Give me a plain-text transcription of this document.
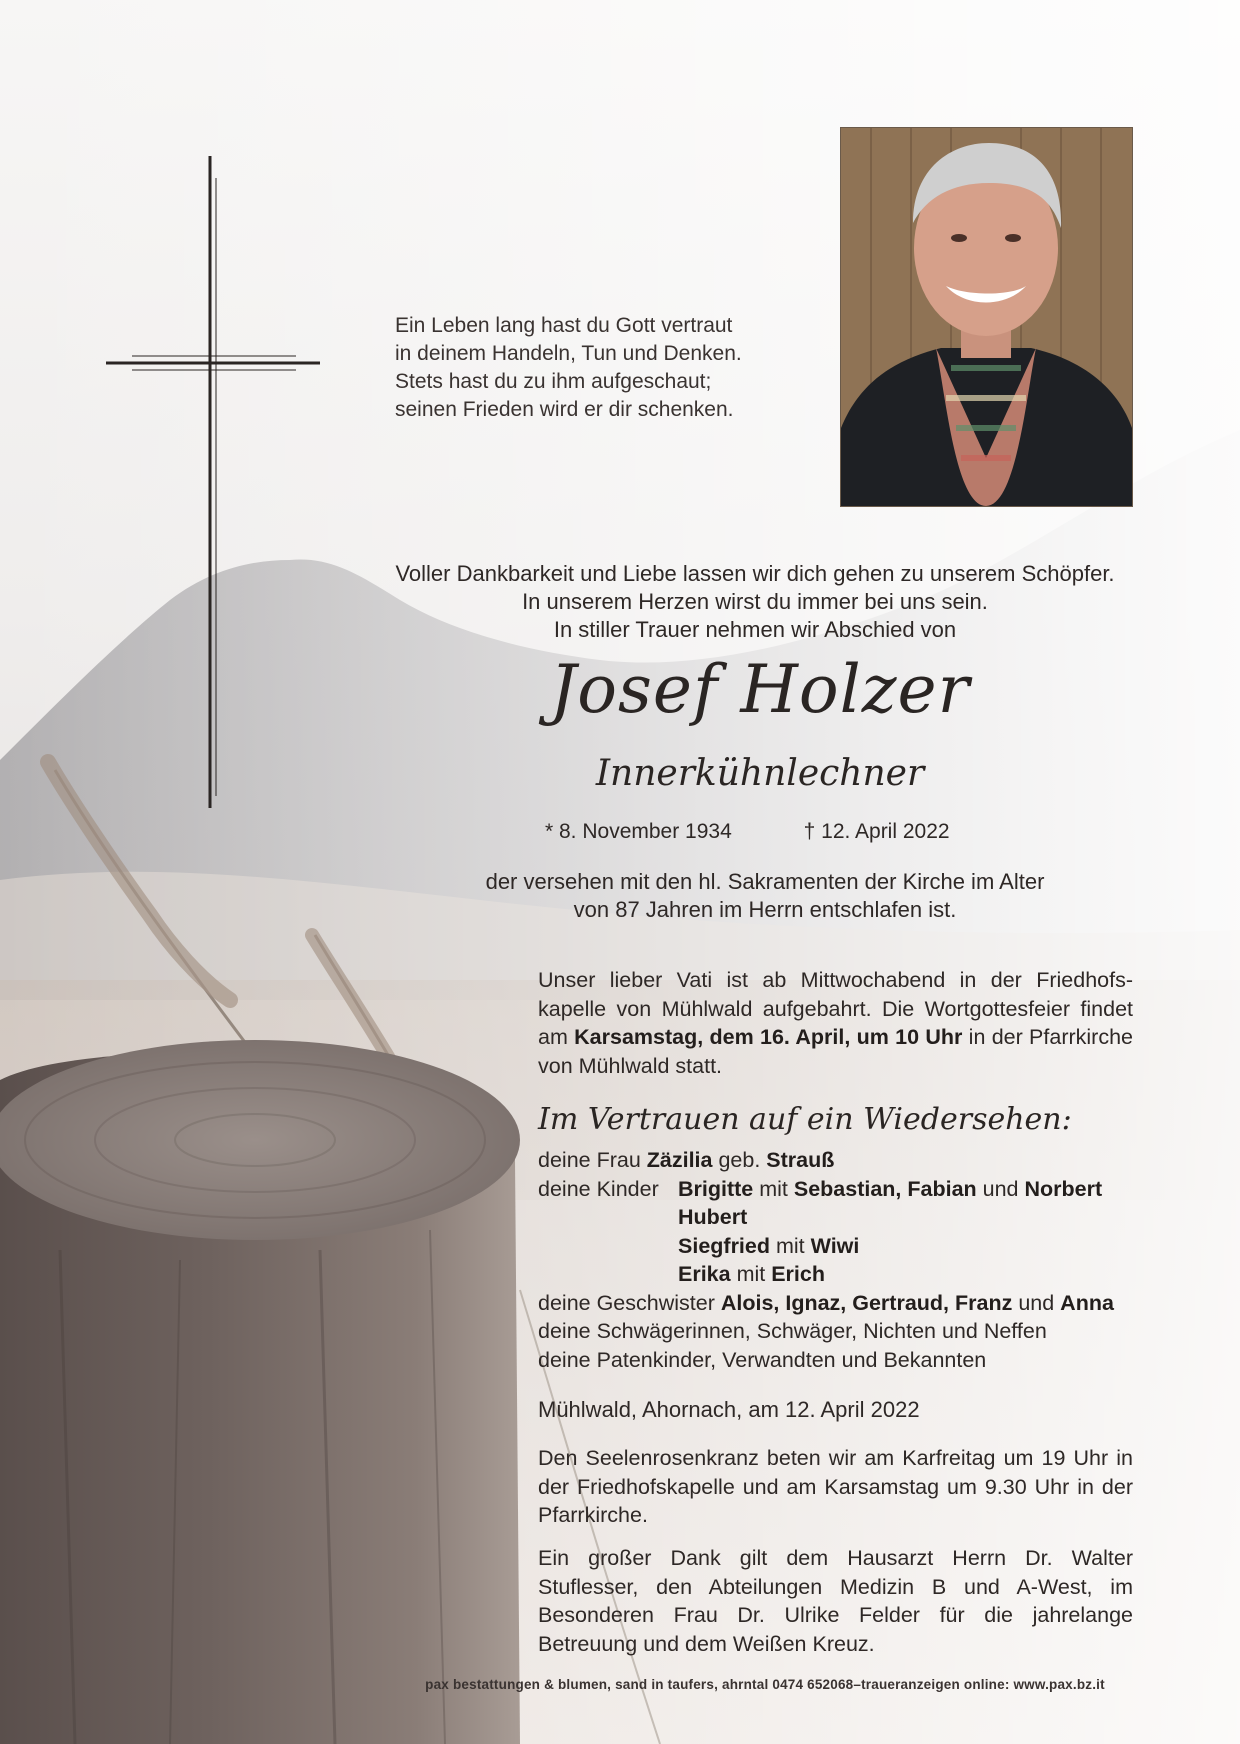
Ein Leben lang hast du Gott vertraut
in deinem Handeln, Tun und Denken.
Stets hast du zu ihm aufgeschaut;
seinen Frieden wird er dir schenken.
Voller Dankbarkeit und Liebe lassen wir dich gehen zu unserem Schöpfer.
In unserem Herzen wirst du immer bei uns sein.
In stiller Trauer nehmen wir Abschied von
Josef Holzer
Innerkühnlechner
* 8. November 1934	† 12. April 2022
der versehen mit den hl. Sakramenten der Kirche im Alter
von 87 Jahren im Herrn entschlafen ist.
Unser lieber Vati ist ab Mittwochabend in der Friedhofs-kapelle von Mühlwald aufgebahrt. Die Wortgottesfeier findet am Karsamstag, dem 16. April, um 10 Uhr in der Pfarrkirche von Mühlwald statt.
Im Vertrauen auf ein Wiedersehen:
deine Frau Zäzilia geb. Strauß
deine Kinder Brigitte mit Sebastian, Fabian und Norbert
Hubert
Siegfried mit Wiwi
Erika mit Erich
deine Geschwister Alois, Ignaz, Gertraud, Franz und Anna
deine Schwägerinnen, Schwäger, Nichten und Neffen
deine Patenkinder, Verwandten und Bekannten
Mühlwald, Ahornach, am 12. April 2022
Den Seelenrosenkranz beten wir am Karfreitag um 19 Uhr in der Friedhofskapelle und am Karsamstag um 9.30 Uhr in der Pfarrkirche.
Ein großer Dank gilt dem Hausarzt Herrn Dr. Walter Stuflesser, den Abteilungen Medizin B und A-West, im Besonderen Frau Dr. Ulrike Felder für die jahrelange Betreuung und dem Weißen Kreuz.
pax bestattungen & blumen, sand in taufers, ahrntal 0474 652068–traueranzeigen online: www.pax.bz.it
